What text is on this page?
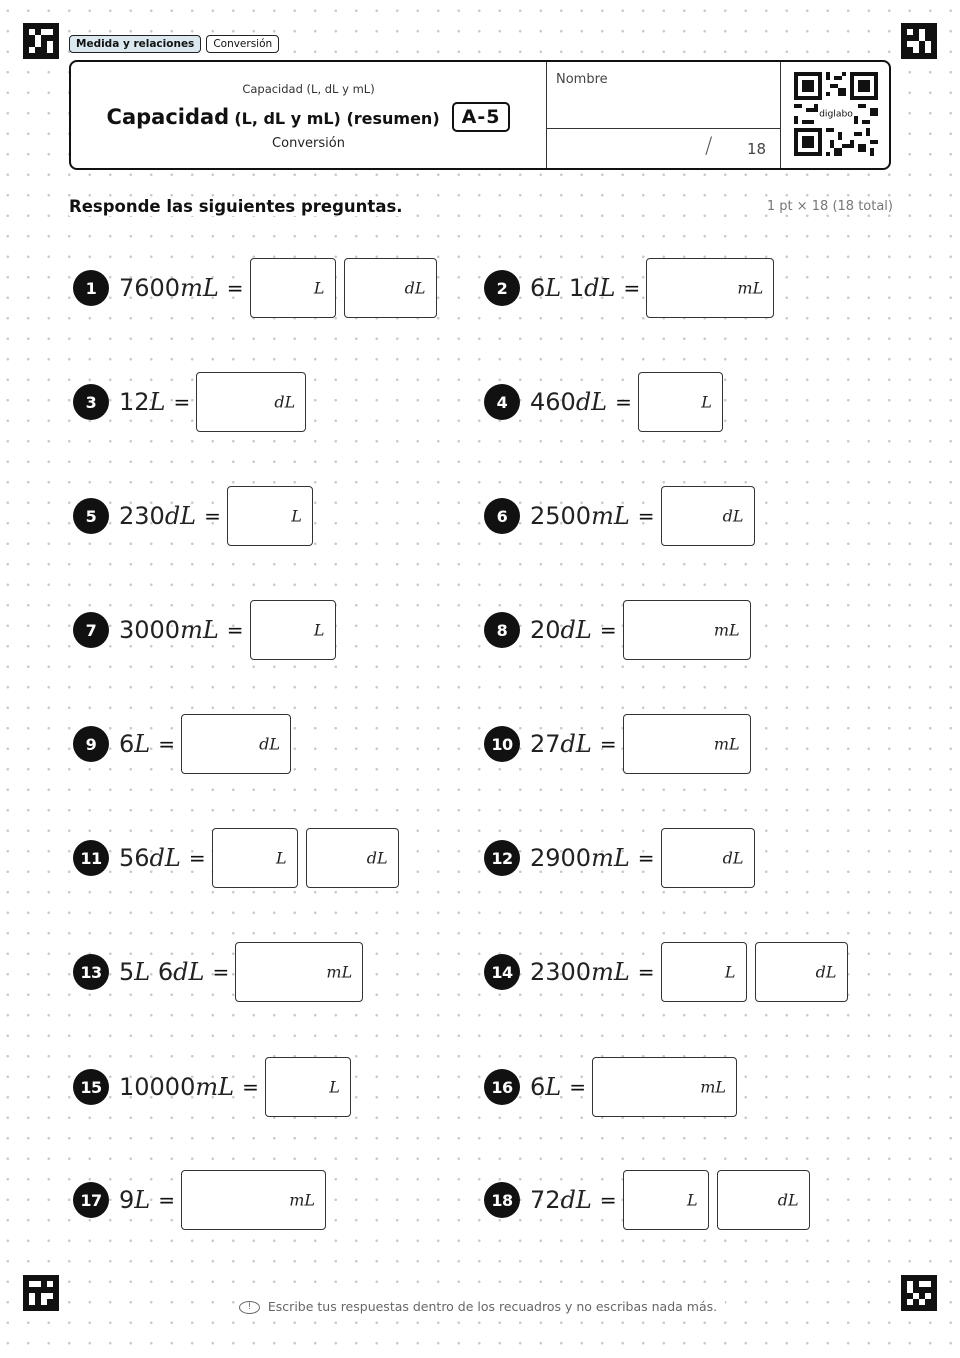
Medida y relaciones	Conversión
Capacidad (L, dL y mL)
Capacidad (L, dL y mL) (resumen)	A-5
Conversión
Nombre
/ 18
diglabo
Responde las siguientes preguntas.	1 pt × 18 (18 total)
1 7600mL =	L	dL	2 6L 1dL =	mL
3 12L =	dL	4 460dL =	L
5 230dL =	L	6 2500mL =	dL
7 3000mL =	L	8 20dL =	mL
9 6L =	dL	10 27dL =	mL
11 56dL =	L	dL	12 2900mL =	dL
13 5L 6dL =	mL	14 2300mL =	L	dL
15 10000mL =	L	16 6L =	mL
17 9L =	mL	18 72dL =	L	dL
! Escribe tus respuestas dentro de los recuadros y no escribas nada más.
